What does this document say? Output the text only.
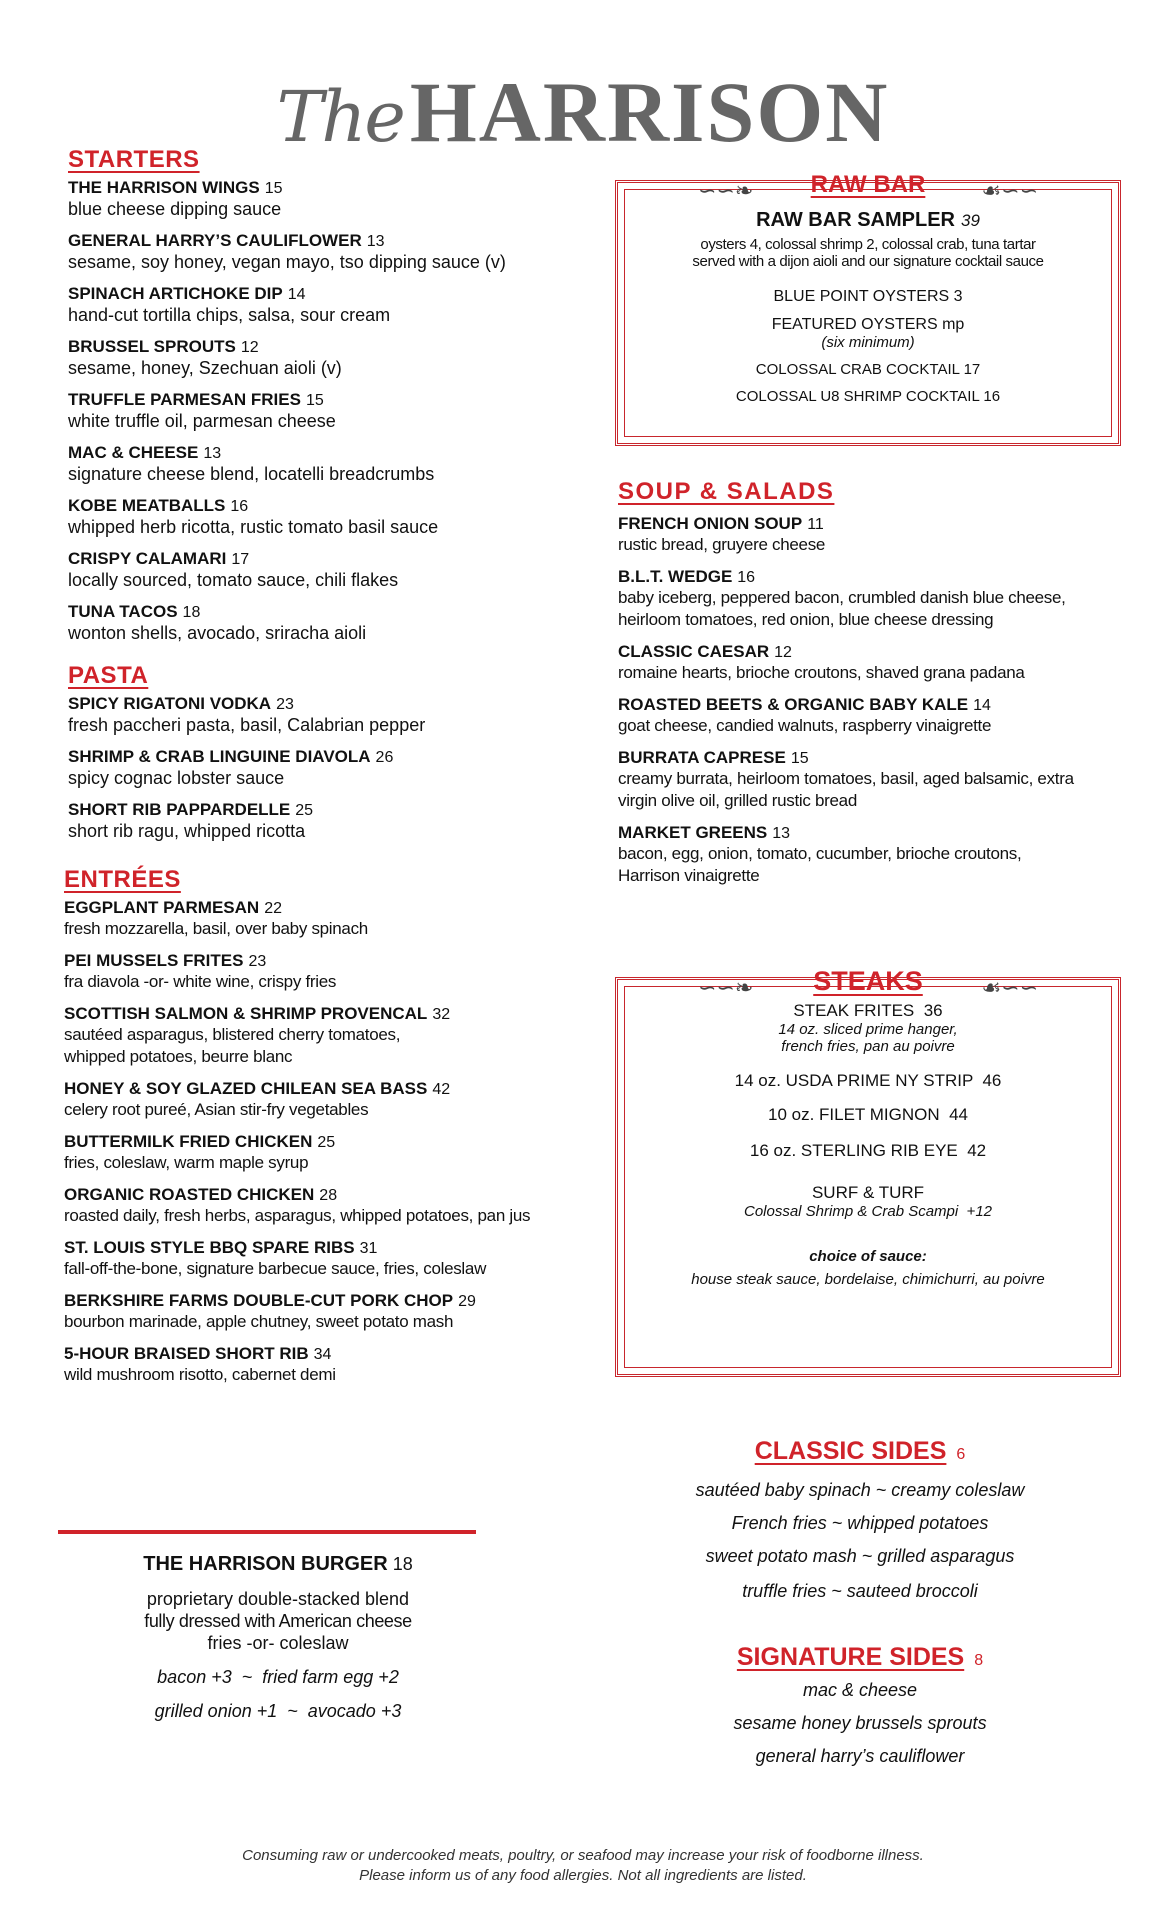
TheHARRISON
STARTERS
THE HARRISON WINGS 15
blue cheese dipping sauce
GENERAL HARRY’S CAULIFLOWER 13
sesame, soy honey, vegan mayo, tso dipping sauce (v)
SPINACH ARTICHOKE DIP 14
hand-cut tortilla chips, salsa, sour cream
BRUSSEL SPROUTS 12
sesame, honey, Szechuan aioli (v)
TRUFFLE PARMESAN FRIES 15
white truffle oil, parmesan cheese
MAC & CHEESE 13
signature cheese blend, locatelli breadcrumbs
KOBE MEATBALLS 16
whipped herb ricotta, rustic tomato basil sauce
CRISPY CALAMARI 17
locally sourced, tomato sauce, chili flakes
TUNA TACOS 18
wonton shells, avocado, sriracha aioli
PASTA
SPICY RIGATONI VODKA 23
fresh paccheri pasta, basil, Calabrian pepper
SHRIMP & CRAB LINGUINE DIAVOLA 26
spicy cognac lobster sauce
SHORT RIB PAPPARDELLE 25
short rib ragu, whipped ricotta
ENTRÉES
EGGPLANT PARMESAN 22
fresh mozzarella, basil, over baby spinach
PEI MUSSELS FRITES 23
fra diavola -or- white wine, crispy fries
SCOTTISH SALMON & SHRIMP PROVENCAL 32
sautéed asparagus, blistered cherry tomatoes,
whipped potatoes, beurre blanc
HONEY & SOY GLAZED CHILEAN SEA BASS 42
celery root pureé, Asian stir-fry vegetables
BUTTERMILK FRIED CHICKEN 25
fries, coleslaw, warm maple syrup
ORGANIC ROASTED CHICKEN 28
roasted daily, fresh herbs, asparagus, whipped potatoes, pan jus
ST. LOUIS STYLE BBQ SPARE RIBS 31
fall-off-the-bone, signature barbecue sauce, fries, coleslaw
BERKSHIRE FARMS DOUBLE-CUT PORK CHOP 29
bourbon marinade, apple chutney, sweet potato mash
5-HOUR BRAISED SHORT RIB 34
wild mushroom risotto, cabernet demi
THE HARRISON BURGER 18
proprietary double-stacked blend
fully dressed with American cheese
fries -or- coleslaw
bacon +3  ~  fried farm egg +2
grilled onion +1  ~  avocado +3
∽∽❧	☙∽∽
RAW BAR
RAW BAR SAMPLER 39
oysters 4, colossal shrimp 2, colossal crab, tuna tartar
served with a dijon aioli and our signature cocktail sauce
BLUE POINT OYSTERS 3
FEATURED OYSTERS mp
(six minimum)
COLOSSAL CRAB COCKTAIL 17
COLOSSAL U8 SHRIMP COCKTAIL 16
SOUP & SALADS
FRENCH ONION SOUP 11
rustic bread, gruyere cheese
B.L.T. WEDGE 16
baby iceberg, peppered bacon, crumbled danish blue cheese,
heirloom tomatoes, red onion, blue cheese dressing
CLASSIC CAESAR 12
romaine hearts, brioche croutons, shaved grana padana
ROASTED BEETS & ORGANIC BABY KALE 14
goat cheese, candied walnuts, raspberry vinaigrette
BURRATA CAPRESE 15
creamy burrata, heirloom tomatoes, basil, aged balsamic, extra
virgin olive oil, grilled rustic bread
MARKET GREENS 13
bacon, egg, onion, tomato, cucumber, brioche croutons,
Harrison vinaigrette
∽∽❧	☙∽∽
STEAKS
STEAK FRITES  36
14 oz. sliced prime hanger,
french fries, pan au poivre
14 oz. USDA PRIME NY STRIP  46
10 oz. FILET MIGNON  44
16 oz. STERLING RIB EYE  42
SURF & TURF
Colossal Shrimp & Crab Scampi  +12
choice of sauce:
house steak sauce, bordelaise, chimichurri, au poivre
CLASSIC SIDES 6
sautéed baby spinach ~ creamy coleslaw
French fries ~ whipped potatoes
sweet potato mash ~ grilled asparagus
truffle fries ~ sauteed broccoli
SIGNATURE SIDES 8
mac & cheese
sesame honey brussels sprouts
general harry’s cauliflower
Consuming raw or undercooked meats, poultry, or seafood may increase your risk of foodborne illness.
Please inform us of any food allergies. Not all ingredients are listed.
